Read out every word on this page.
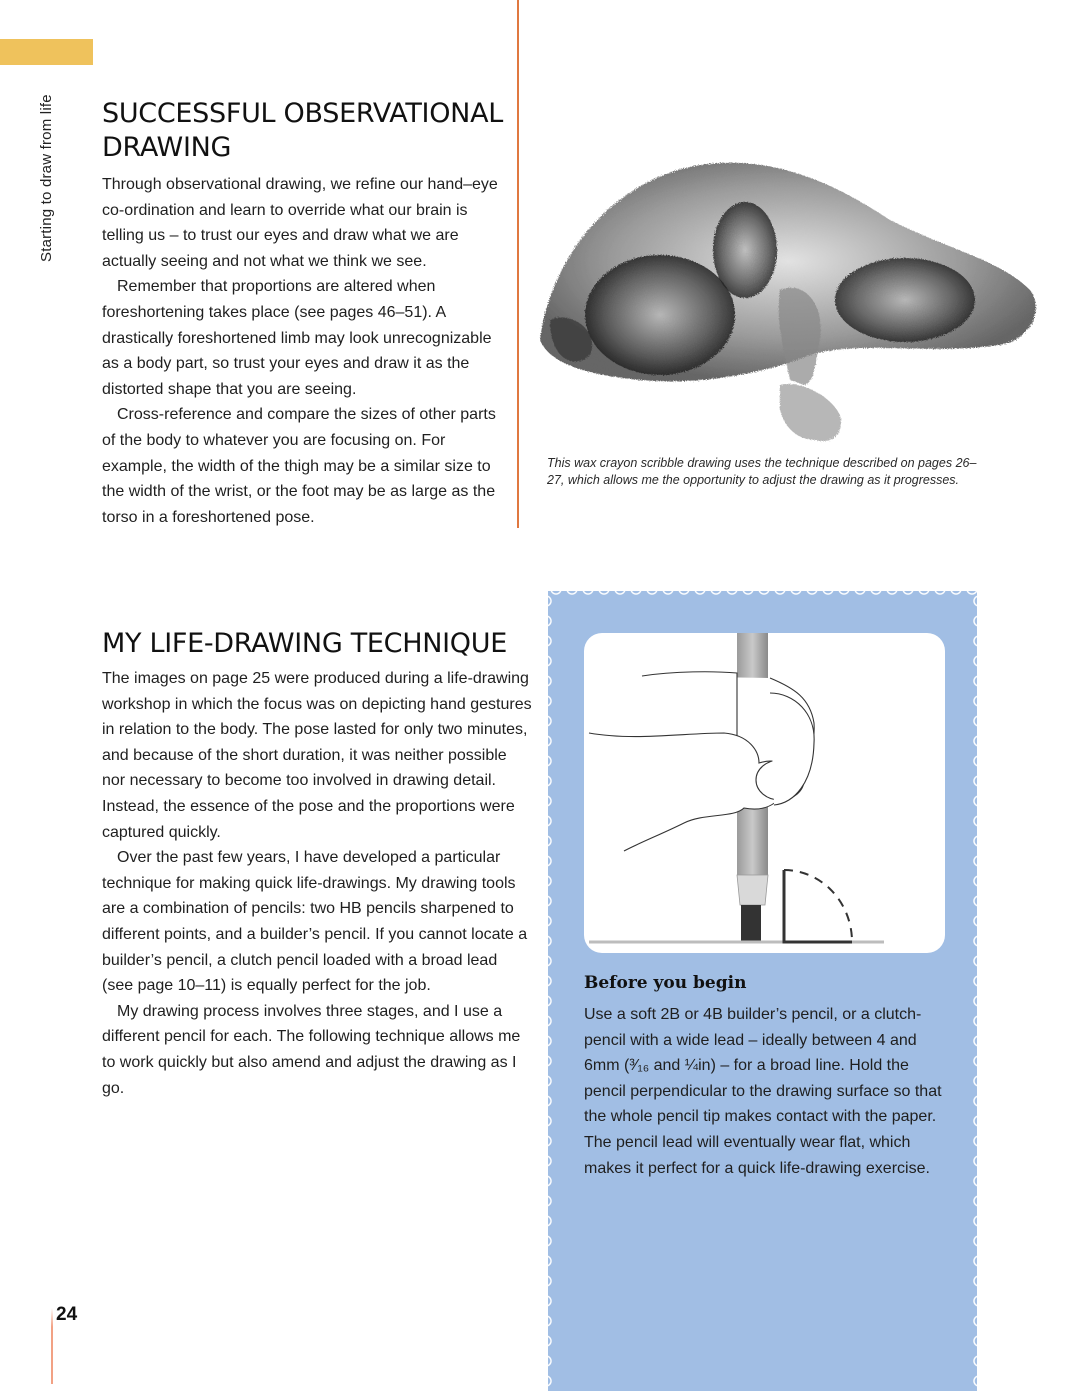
Starting to draw from life SUCCESSFUL OBSERVATIONAL DRAWING

Through observational drawing, we refine our hand–eye co-ordination and learn to override what our brain is telling us – to trust our eyes and draw what we are actually seeing and not what we think we see.

Remember that proportions are altered when foreshortening takes place (see pages 46–51). A drastically foreshortened limb may look unrecognizable as a body part, so trust your eyes and draw it as the distorted shape that you are seeing.

Cross-reference and compare the sizes of other parts of the body to whatever you are focusing on. For example, the width of the thigh may be a similar size to the width of the wrist, or the foot may be as large as the torso in a foreshortened pose.

This wax crayon scribble drawing uses the technique described on pages 26–27, which allows me the opportunity to adjust the drawing as it progresses.
MY LIFE-DRAWING TECHNIQUE

The images on page 25 were produced during a life-drawing workshop in which the focus was on depicting hand gestures in relation to the body. The pose lasted for only two minutes, and because of the short duration, it was neither possible nor necessary to become too involved in drawing detail. Instead, the essence of the pose and the proportions were captured quickly.

Over the past few years, I have developed a particular technique for making quick life-drawings. My drawing tools are a combination of pencils: two HB pencils sharpened to different points, and a builder’s pencil. If you cannot locate a builder’s pencil, a clutch pencil loaded with a broad lead (see page 10–11) is equally perfect for the job.

My drawing process involves three stages, and I use a different pencil for each. The following technique allows me to work quickly but also amend and adjust the drawing as I go.

Before you begin

Use a soft 2B or 4B builder’s pencil, or a clutch-pencil with a wide lead – ideally between 4 and 6mm (³⁄₁₆ and ¼in) – for a broad line. Hold the pencil perpendicular to the drawing surface so that the whole pencil tip makes contact with the paper. The pencil lead will eventually wear flat, which makes it perfect for a quick life-drawing exercise.

24
